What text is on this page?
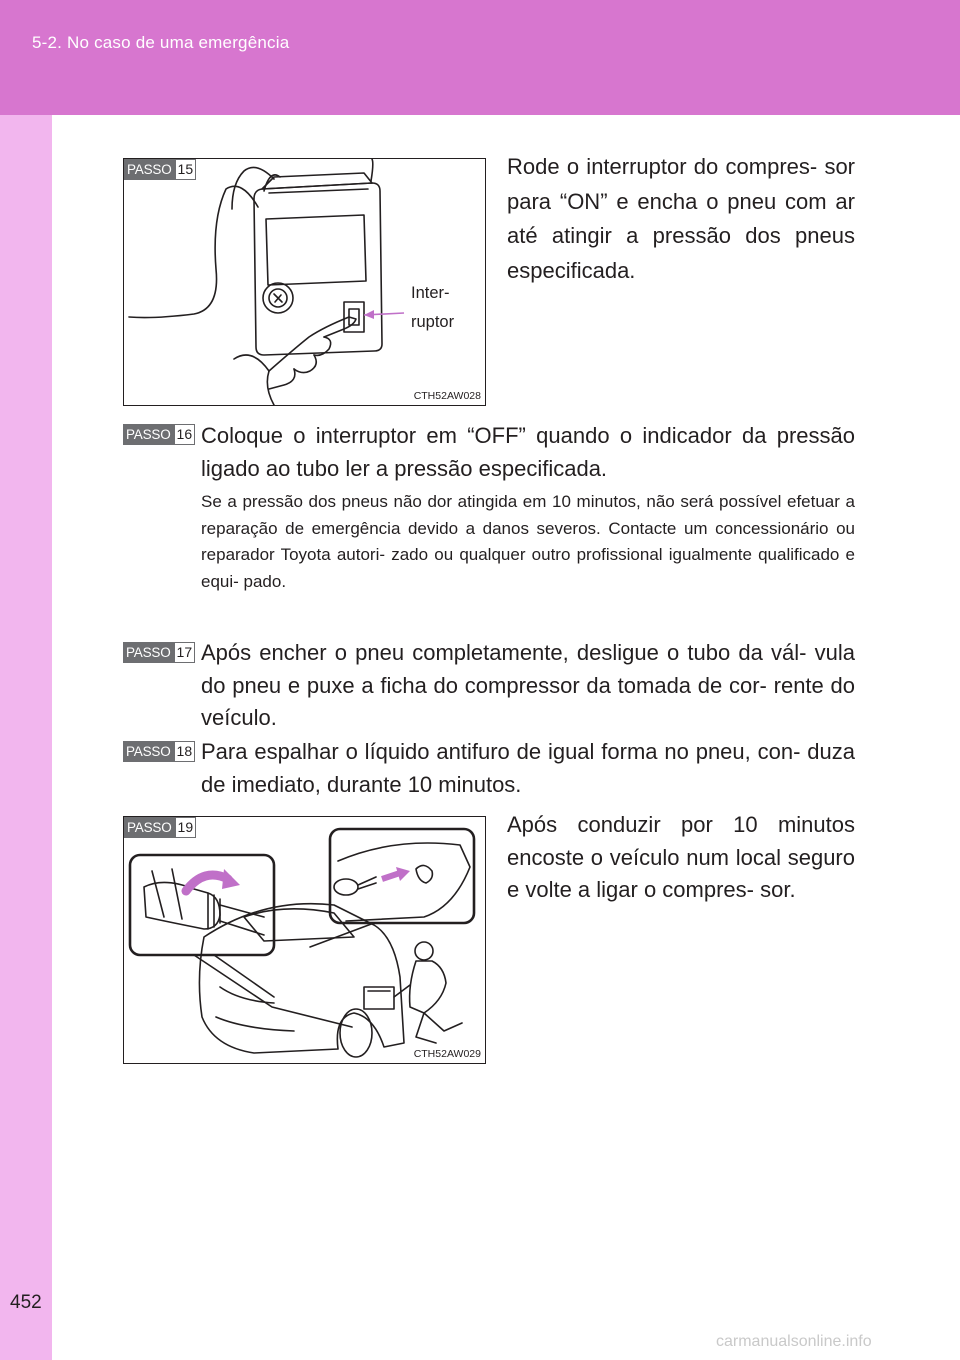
5-2. No caso de uma emergência
PASSO 15
Inter- ruptor
CTH52AW028
Rode o interruptor do compres- sor para “ON” e encha o pneu com ar até atingir a pressão dos pneus especificada.
PASSO 16 Coloque o interruptor em “OFF” quando o indicador da pressão ligado ao tubo ler a pressão especificada.
Se a pressão dos pneus não dor atingida em 10 minutos, não será possível efetuar a reparação de emergência devido a danos severos. Contacte um concessionário ou reparador Toyota autori- zado ou qualquer outro profissional igualmente qualificado e equi- pado.
PASSO 17 Após encher o pneu completamente, desligue o tubo da vál- vula do pneu e puxe a ficha do compressor da tomada de cor- rente do veículo.
PASSO 18 Para espalhar o líquido antifuro de igual forma no pneu, con- duza de imediato, durante 10 minutos.
PASSO 19
CTH52AW029
Após conduzir por 10 minutos encoste o veículo num local seguro e volte a ligar o compres- sor.
452
carmanualsonline.info
